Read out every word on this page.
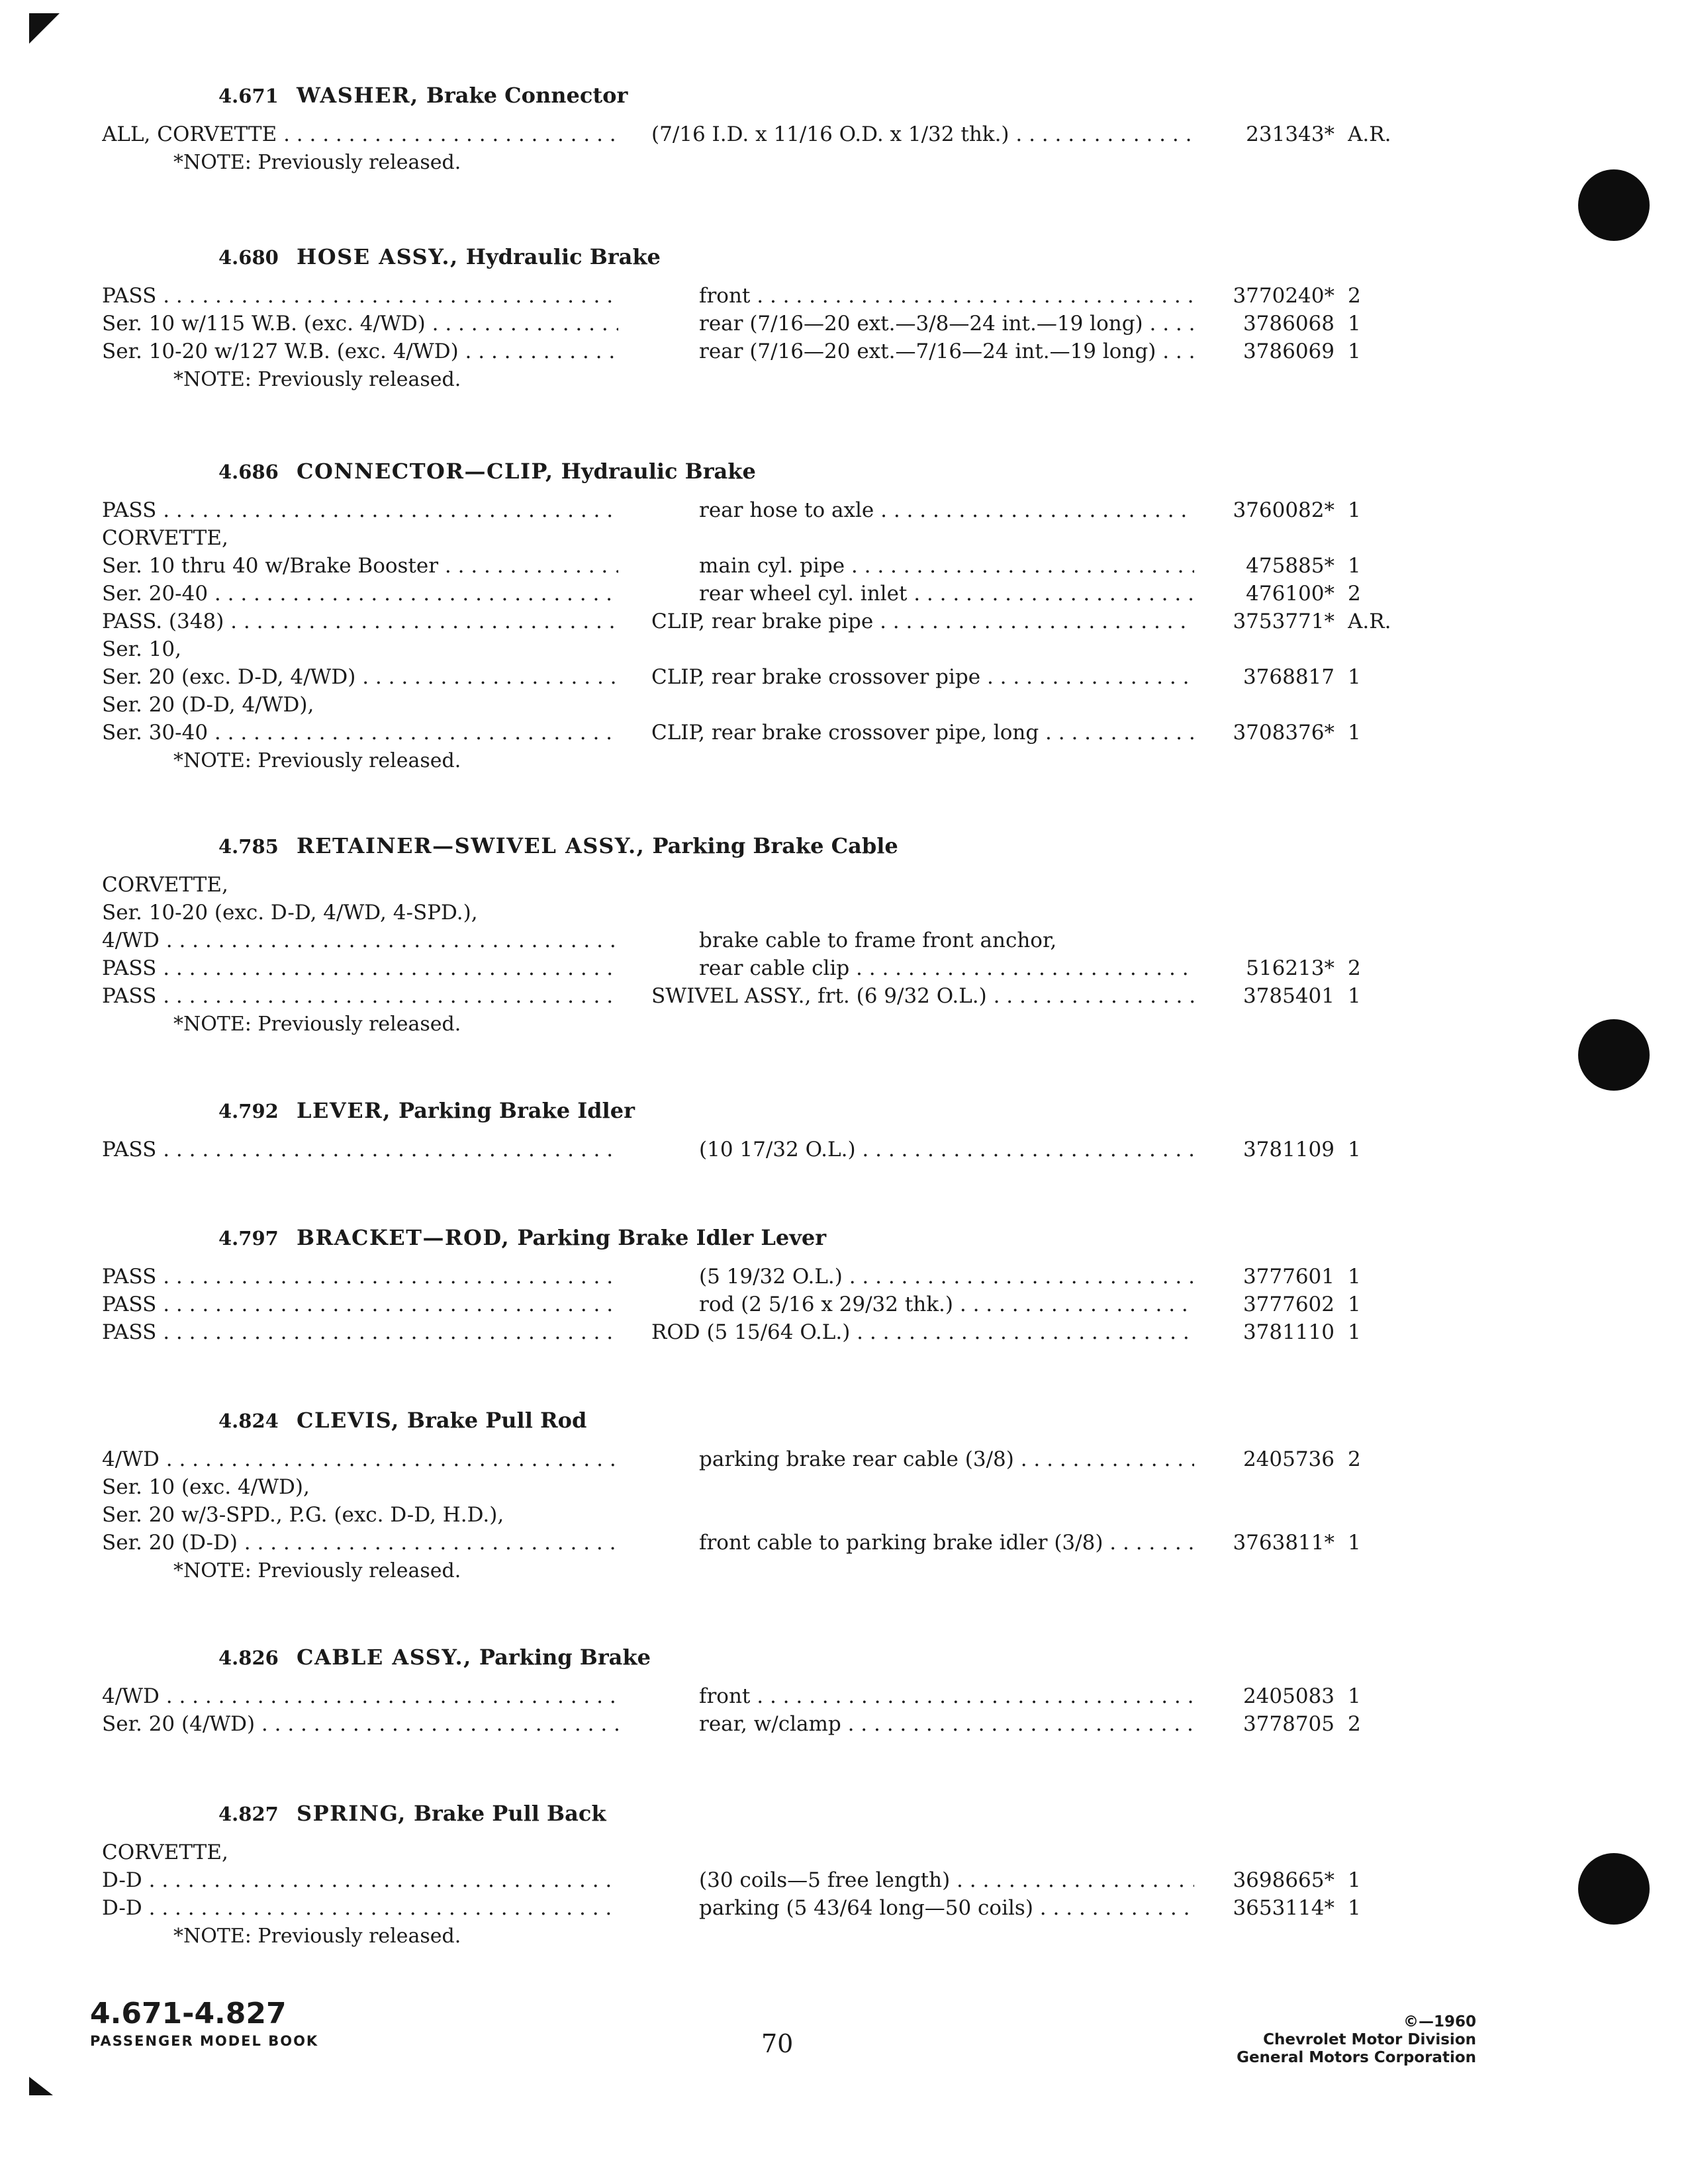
4.671 WASHER, Brake Connector
ALL, CORVETTE . . .	(7/16 I.D. x 11/16 O.D. x 1/32 thk.) . . .	231343* A.R.
*NOTE: Previously released.
4.680 HOSE ASSY., Hydraulic Brake
PASS . . .	front . . .	3770240* 2
Ser. 10 w/115 W.B. (exc. 4/WD) . . .	rear (7/16—20 ext.—3/8—24 int.—19 long) . . .	3786068 1
Ser. 10-20 w/127 W.B. (exc. 4/WD) . . .	rear (7/16—20 ext.—7/16—24 int.—19 long) . . .	3786069 1
*NOTE: Previously released.
4.686 CONNECTOR—CLIP, Hydraulic Brake
PASS . . .	rear hose to axle . . .	3760082* 1
CORVETTE,
Ser. 10 thru 40 w/Brake Booster . . .	main cyl. pipe . . .	475885* 1
Ser. 20-40 . . .	rear wheel cyl. inlet . . .	476100* 2
PASS. (348) . . .	CLIP, rear brake pipe . . .	3753771* A.R.
Ser. 10,
Ser. 20 (exc. D-D, 4/WD) . . .	CLIP, rear brake crossover pipe . . .	3768817 1
Ser. 20 (D-D, 4/WD),
Ser. 30-40 . . .	CLIP, rear brake crossover pipe, long . . .	3708376* 1
*NOTE: Previously released.
4.785 RETAINER—SWIVEL ASSY., Parking Brake Cable
CORVETTE,
Ser. 10-20 (exc. D-D, 4/WD, 4-SPD.),
4/WD . . .	brake cable to frame front anchor,
PASS . . .	rear cable clip . . .	516213* 2
PASS . . .	SWIVEL ASSY., frt. (6 9/32 O.L.) . . .	3785401 1
*NOTE: Previously released.
4.792 LEVER, Parking Brake Idler
PASS . . .	(10 17/32 O.L.) . . .	3781109 1
4.797 BRACKET—ROD, Parking Brake Idler Lever
PASS . . .	(5 19/32 O.L.) . . .	3777601 1
PASS . . .	rod (2 5/16 x 29/32 thk.) . . .	3777602 1
PASS . . .	ROD (5 15/64 O.L.) . . .	3781110 1
4.824 CLEVIS, Brake Pull Rod
4/WD . . .	parking brake rear cable (3/8) . . .	2405736 2
Ser. 10 (exc. 4/WD),
Ser. 20 w/3-SPD., P.G. (exc. D-D, H.D.),
Ser. 20 (D-D) . . .	front cable to parking brake idler (3/8) . . .	3763811* 1
*NOTE: Previously released.
4.826 CABLE ASSY., Parking Brake
4/WD . . .	front . . .	2405083 1
Ser. 20 (4/WD) . . .	rear, w/clamp . . .	3778705 2
4.827 SPRING, Brake Pull Back
CORVETTE,
D-D . . .	(30 coils—5 free length) . . .	3698665* 1
D-D . . .	parking (5 43/64 long—50 coils) . . .	3653114* 1
*NOTE: Previously released.
4.671-4.827
PASSENGER MODEL BOOK	70
©—1960
Chevrolet Motor Division
General Motors Corporation
